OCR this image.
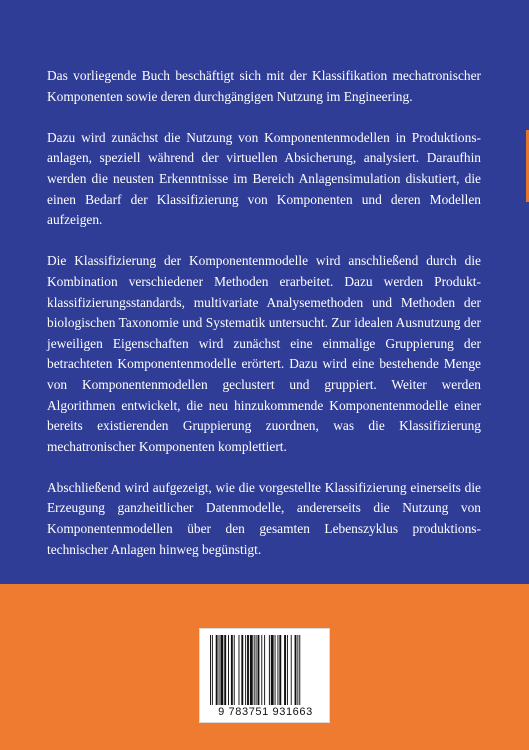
Das vorliegende Buch beschäftigt sich mit der Klassifikation mechatronischer Komponenten sowie deren durchgängigen Nutzung im Engineering.

Dazu wird zunächst die Nutzung von Komponentenmodellen in Produktionsanlagen, speziell während der virtuellen Absicherung, analysiert. Daraufhin werden die neusten Erkenntnisse im Bereich Anlagensimulation diskutiert, die einen Bedarf der Klassifizierung von Komponenten und deren Modellen aufzeigen.

Die Klassifizierung der Komponentenmodelle wird anschließend durch die Kombination verschiedener Methoden erarbeitet. Dazu werden Produktklassifizierungsstandards, multivariate Analysemethoden und Methoden der biologischen Taxonomie und Systematik untersucht. Zur idealen Ausnutzung der jeweiligen Eigenschaften wird zunächst eine einmalige Gruppierung der betrachteten Komponentenmodelle erörtert. Dazu wird eine bestehende Menge von Komponentenmodellen geclustert und gruppiert. Weiter werden Algorithmen entwickelt, die neu hinzukommende Komponentenmodelle einer bereits existierenden Gruppierung zuordnen, was die Klassifizierung mechatronischer Komponenten komplettiert.

Abschließend wird aufgezeigt, wie die vorgestellte Klassifizierung einerseits die Erzeugung ganzheitlicher Datenmodelle, andererseits die Nutzung von Komponentenmodellen über den gesamten Lebenszyklus produktionstechnischer Anlagen hinweg begünstigt.

9 783751 931663
